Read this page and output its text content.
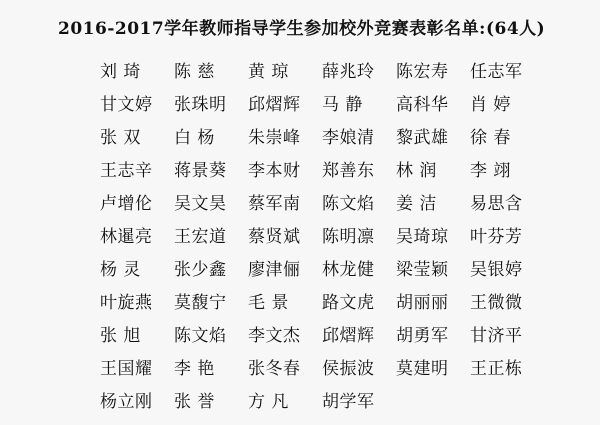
2016-2017学年教师指导学生参加校外竞赛表彰名单:(64人)
刘 琦	陈 慈	黄 琼	薛兆玲	陈宏寿	任志军
甘文婷	张珠明	邱熠辉	马 静	高科华	肖 婷
张 双	白 杨	朱崇峰	李娘清	黎武雄	徐 春
王志辛	蒋景葵	李本财	郑善东	林 润	李 翊
卢增伦	吴文昊	蔡军南	陈文焰	姜 洁	易思含
林暹亮	王宏道	蔡贤斌	陈明凛	吴琦琼	叶芬芳
杨 灵	张少鑫	廖津俪	林龙健	梁莹颖	吴银婷
叶旋燕	莫馥宁	毛 景	路文虎	胡丽丽	王微微
张 旭	陈文焰	李文杰	邱熠辉	胡勇军	甘济平
王国耀	李 艳	张冬春	侯振波	莫建明	王正栋
杨立刚	张 誉	方 凡	胡学军
